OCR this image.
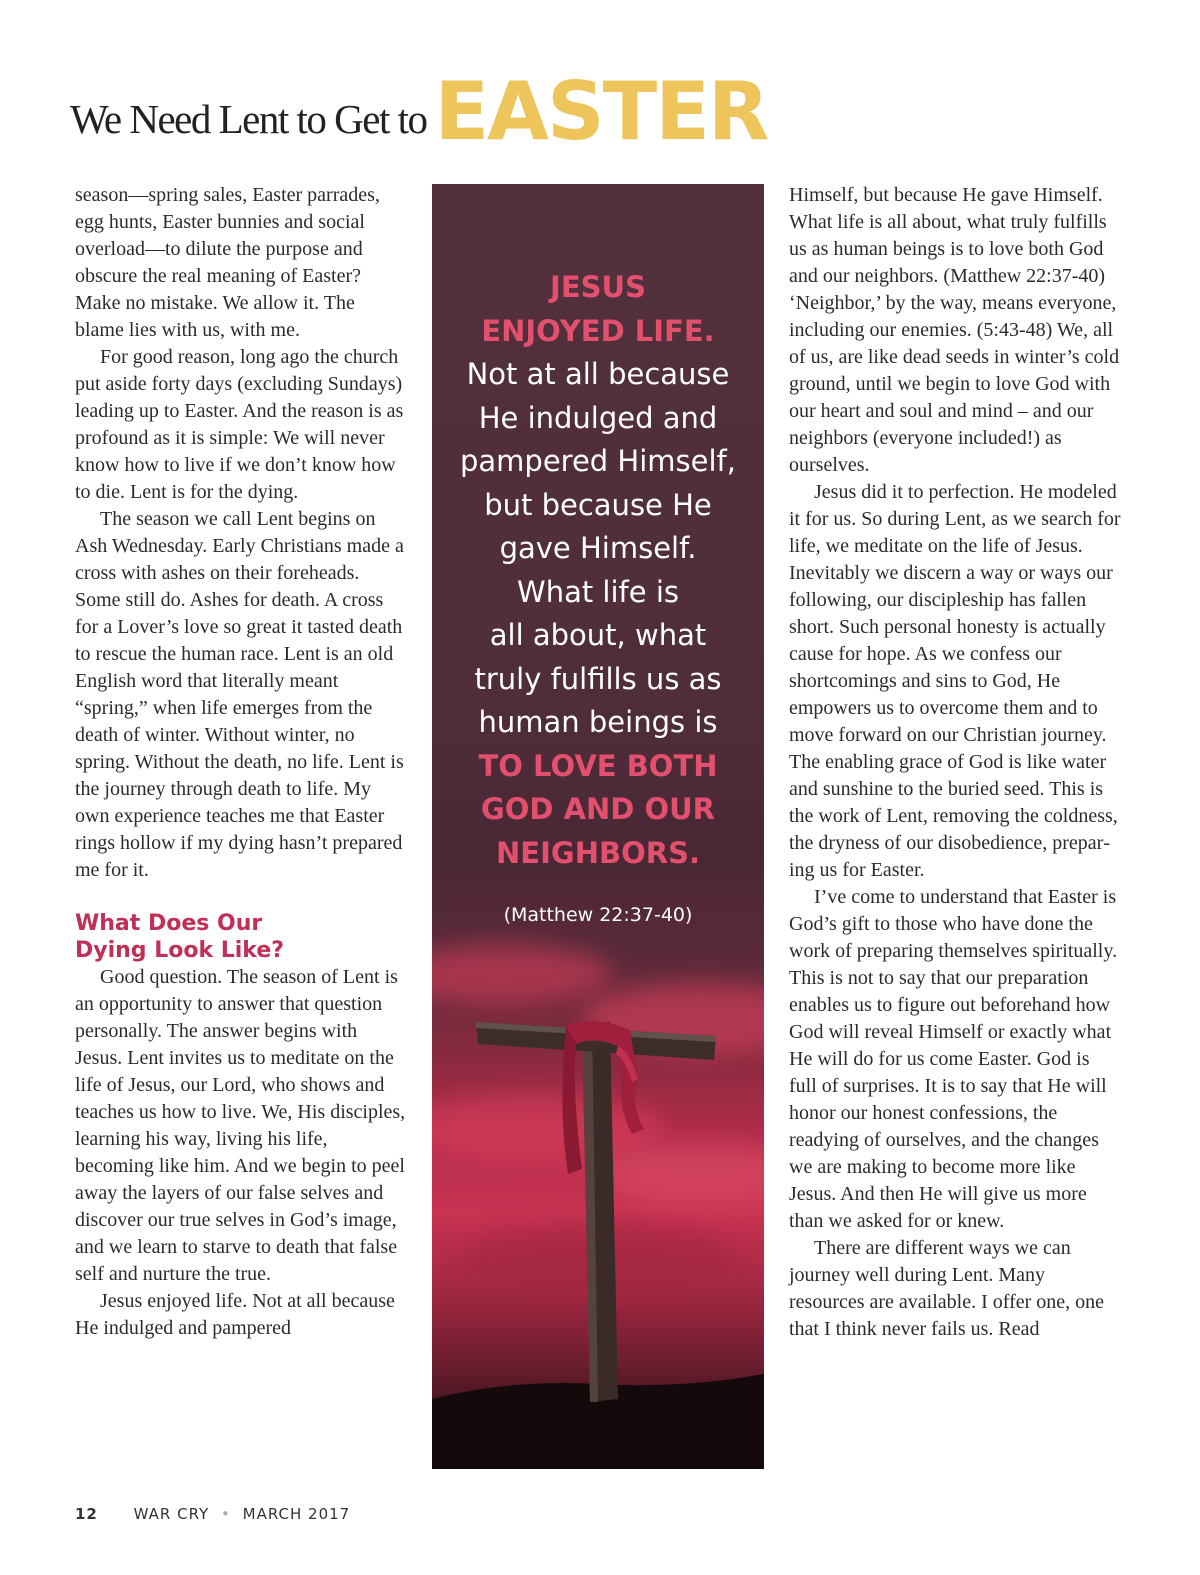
We Need Lent to Get to EASTER

season—spring sales, Easter parrades, egg hunts, Easter bunnies and social overload—to dilute the purpose and obscure the real meaning of Easter? Make no mistake. We allow it. The blame lies with us, with me.

For good reason, long ago the church put aside forty days (excluding Sundays) leading up to Easter. And the reason is as profound as it is simple: We will never know how to live if we don’t know how to die. Lent is for the dying.

The season we call Lent begins on Ash Wednesday. Early Christians made a cross with ashes on their foreheads. Some still do. Ashes for death. A cross for a Lover’s love so great it tasted death to rescue the human race. Lent is an old English word that literally meant “spring,” when life emerges from the death of winter. Without winter, no spring. Without the death, no life. Lent is the journey through death to life. My own experience teaches me that Easter rings hollow if my dying hasn’t prepared me for it.

What Does Our
Dying Look Like?

Good question. The season of Lent is an opportunity to answer that question personally. The answer begins with Jesus. Lent invites us to meditate on the life of Jesus, our Lord, who shows and teaches us how to live. We, His disciples, learning his way, living his life, becoming like him. And we begin to peel away the layers of our false selves and discover our true selves in God’s image, and we learn to starve to death that false self and nurture the true.

Jesus enjoyed life. Not at all because He indulged and pampered

JESUS
ENJOYED LIFE.
Not at all because
He indulged and
pampered Himself,
but because He
gave Himself.
What life is
all about, what
truly fulfills us as
human beings is
TO LOVE BOTH
GOD AND OUR
NEIGHBORS.
(Matthew 22:37-40)

Himself, but because He gave Himself. What life is all about, what truly fulfills us as human beings is to love both God and our neighbors. (Matthew 22:37-40) ‘Neighbor,’ by the way, means everyone, including our enemies. (5:43-48) We, all of us, are like dead seeds in winter’s cold ground, until we begin to love God with our heart and soul and mind – and our neighbors (everyone included!) as ourselves.

Jesus did it to perfection. He modeled it for us. So during Lent, as we search for life, we meditate on the life of Jesus. Inevitably we discern a way or ways our following, our discipleship has fallen short. Such personal honesty is actually cause for hope. As we confess our shortcomings and sins to God, He empowers us to overcome them and to move forward on our Christian journey. The enabling grace of God is like water and sunshine to the buried seed. This is the work of Lent, removing the coldness, the dryness of our disobedience, preparing us for Easter.

I’ve come to understand that Easter is God’s gift to those who have done the work of preparing themselves spiritually. This is not to say that our preparation enables us to figure out beforehand how God will reveal Himself or exactly what He will do for us come Easter. God is full of surprises. It is to say that He will honor our honest confessions, the readying of ourselves, and the changes we are making to become more like Jesus. And then He will give us more than we asked for or knew.

There are different ways we can journey well during Lent. Many resources are available. I offer one, one that I think never fails us. Read

12 WAR CRY • MARCH 2017
